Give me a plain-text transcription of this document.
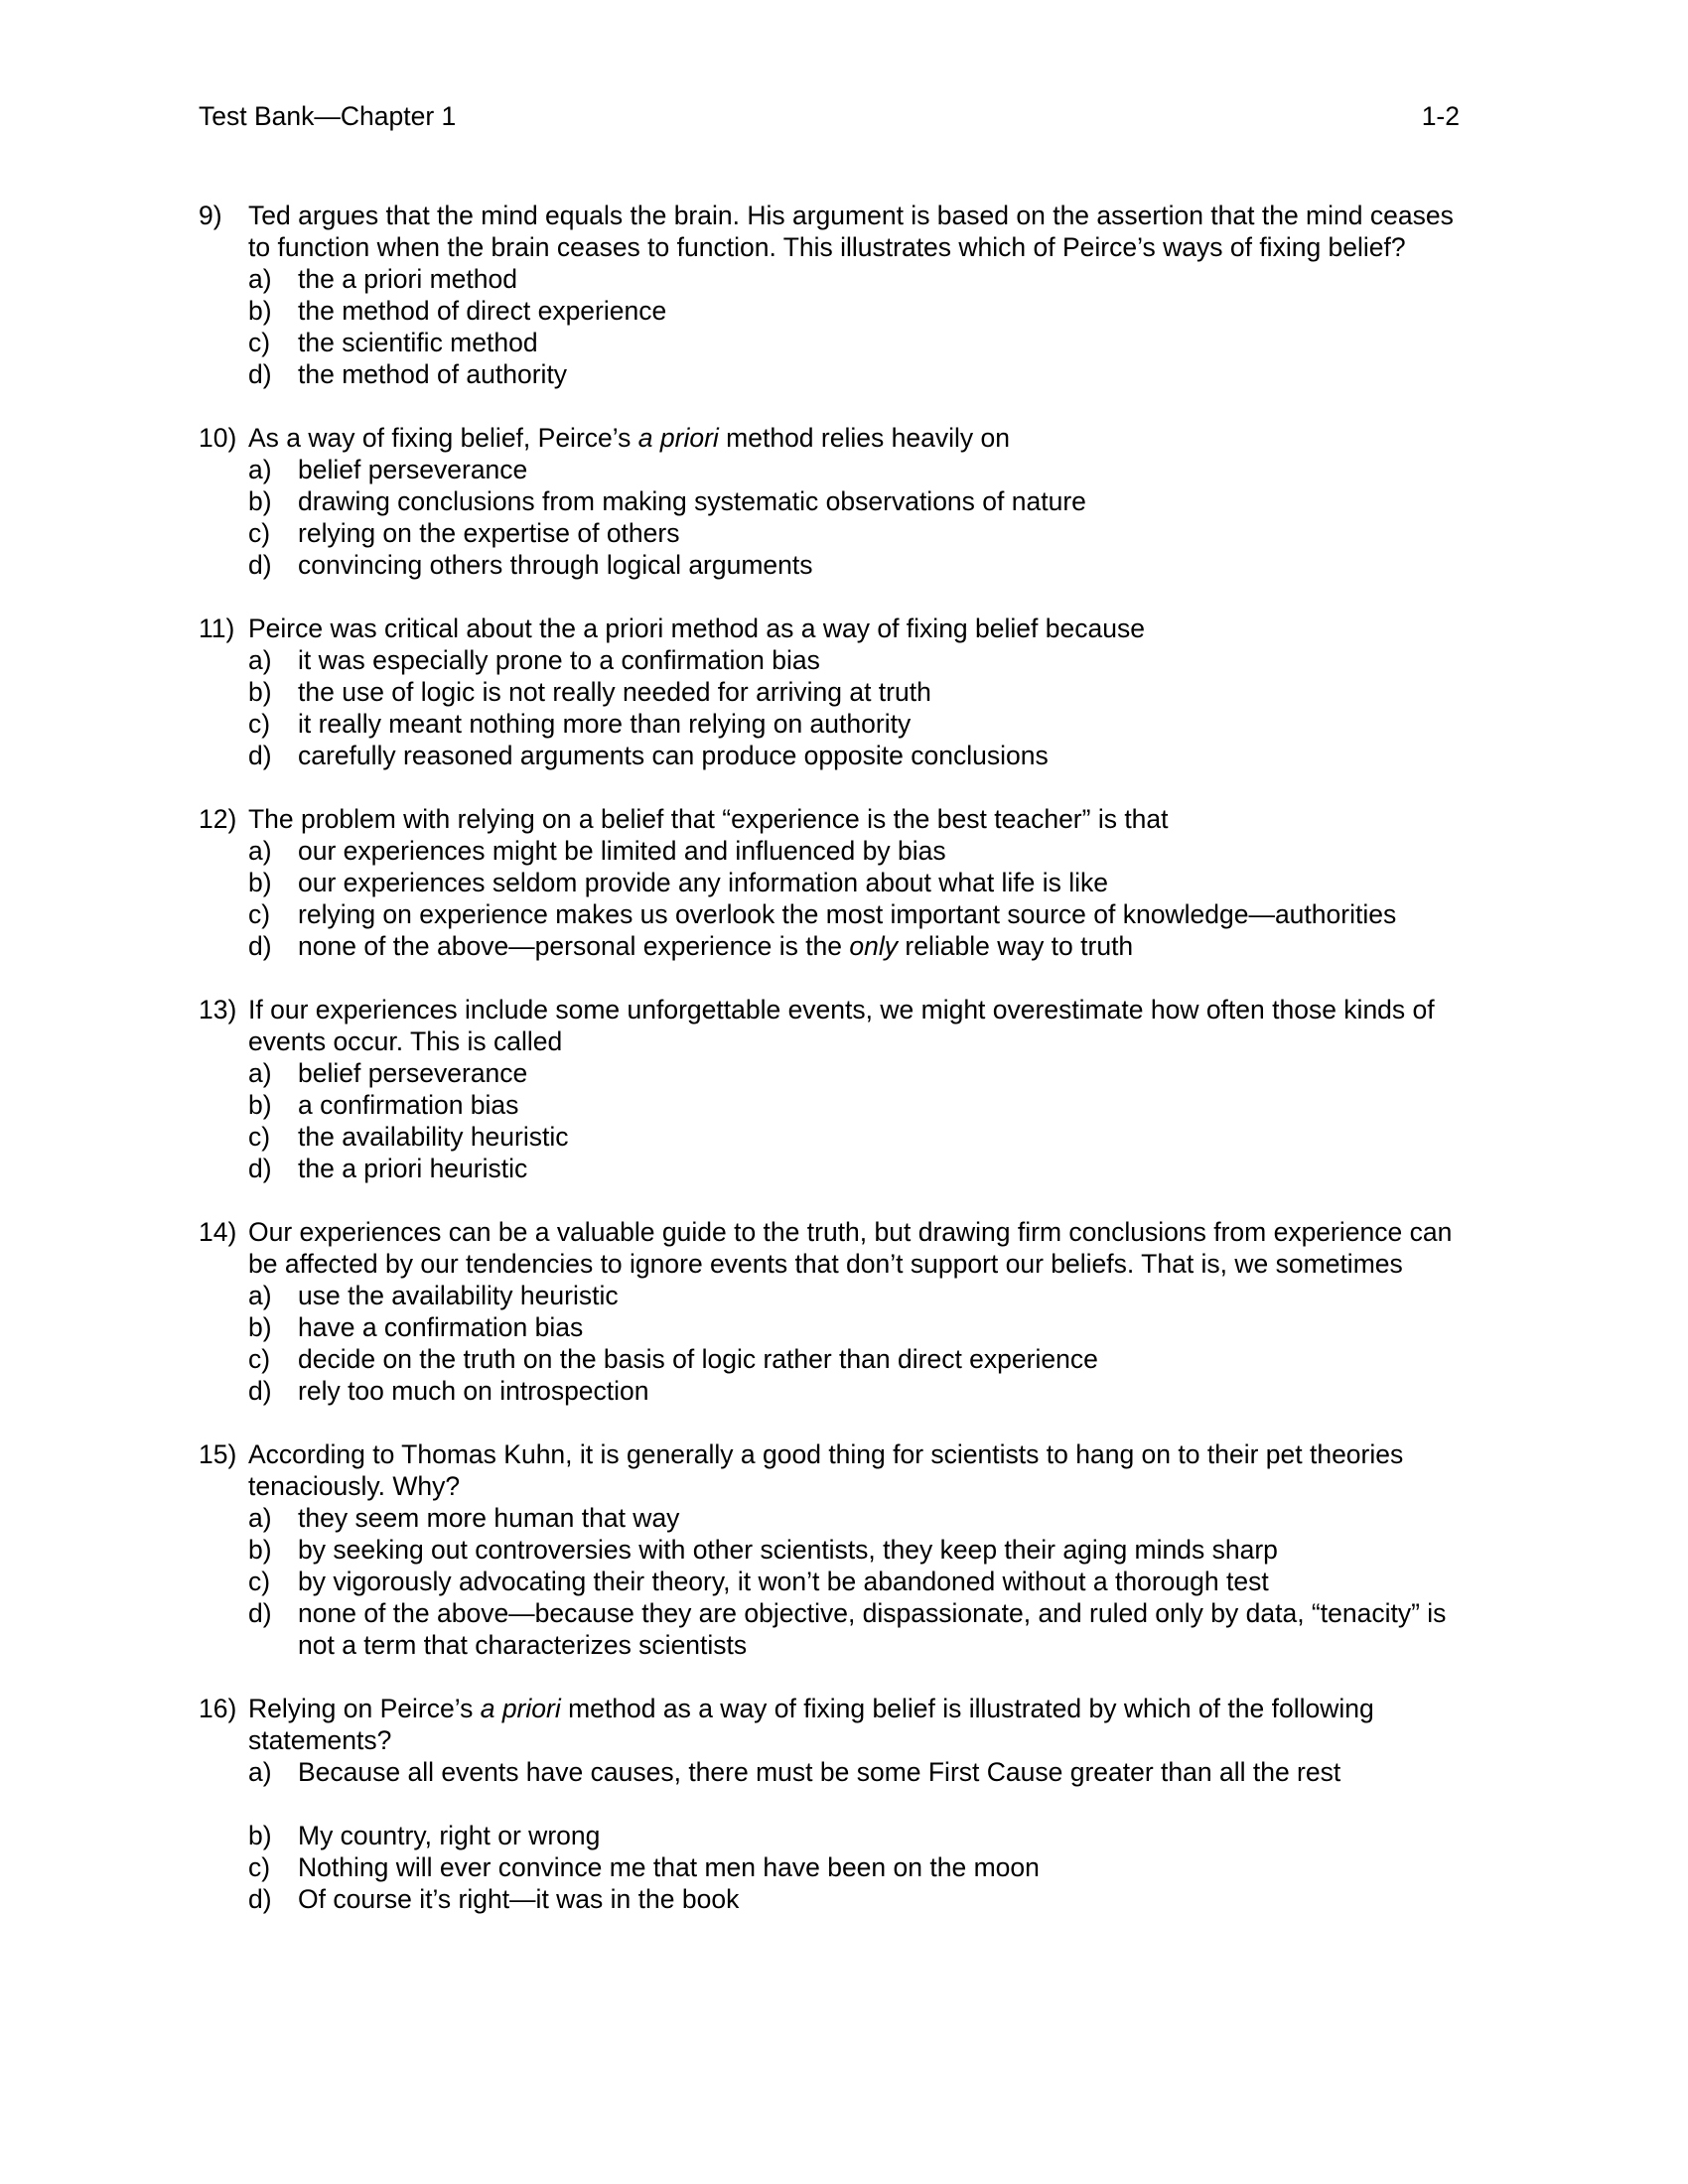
Test Bank—Chapter 1	1-2
9) Ted argues that the mind equals the brain. His argument is based on the assertion that the mind ceases to function when the brain ceases to function. This illustrates which of Peirce’s ways of fixing belief?
a) the a priori method
b) the method of direct experience
c) the scientific method
d) the method of authority
10) As a way of fixing belief, Peirce’s a priori method relies heavily on
a) belief perseverance
b) drawing conclusions from making systematic observations of nature
c) relying on the expertise of others
d) convincing others through logical arguments
11) Peirce was critical about the a priori method as a way of fixing belief because
a) it was especially prone to a confirmation bias
b) the use of logic is not really needed for arriving at truth
c) it really meant nothing more than relying on authority
d) carefully reasoned arguments can produce opposite conclusions
12) The problem with relying on a belief that “experience is the best teacher” is that
a) our experiences might be limited and influenced by bias
b) our experiences seldom provide any information about what life is like
c) relying on experience makes us overlook the most important source of knowledge—authorities
d) none of the above—personal experience is the only reliable way to truth
13) If our experiences include some unforgettable events, we might overestimate how often those kinds of events occur. This is called
a) belief perseverance
b) a confirmation bias
c) the availability heuristic
d) the a priori heuristic
14) Our experiences can be a valuable guide to the truth, but drawing firm conclusions from experience can be affected by our tendencies to ignore events that don’t support our beliefs. That is, we sometimes
a) use the availability heuristic
b) have a confirmation bias
c) decide on the truth on the basis of logic rather than direct experience
d) rely too much on introspection
15) According to Thomas Kuhn, it is generally a good thing for scientists to hang on to their pet theories tenaciously. Why?
a) they seem more human that way
b) by seeking out controversies with other scientists, they keep their aging minds sharp
c) by vigorously advocating their theory, it won’t be abandoned without a thorough test
d) none of the above—because they are objective, dispassionate, and ruled only by data, “tenacity” is not a term that characterizes scientists
16) Relying on Peirce’s a priori method as a way of fixing belief is illustrated by which of the following statements?
a) Because all events have causes, there must be some First Cause greater than all the rest
b) My country, right or wrong
c) Nothing will ever convince me that men have been on the moon
d) Of course it’s right—it was in the book
